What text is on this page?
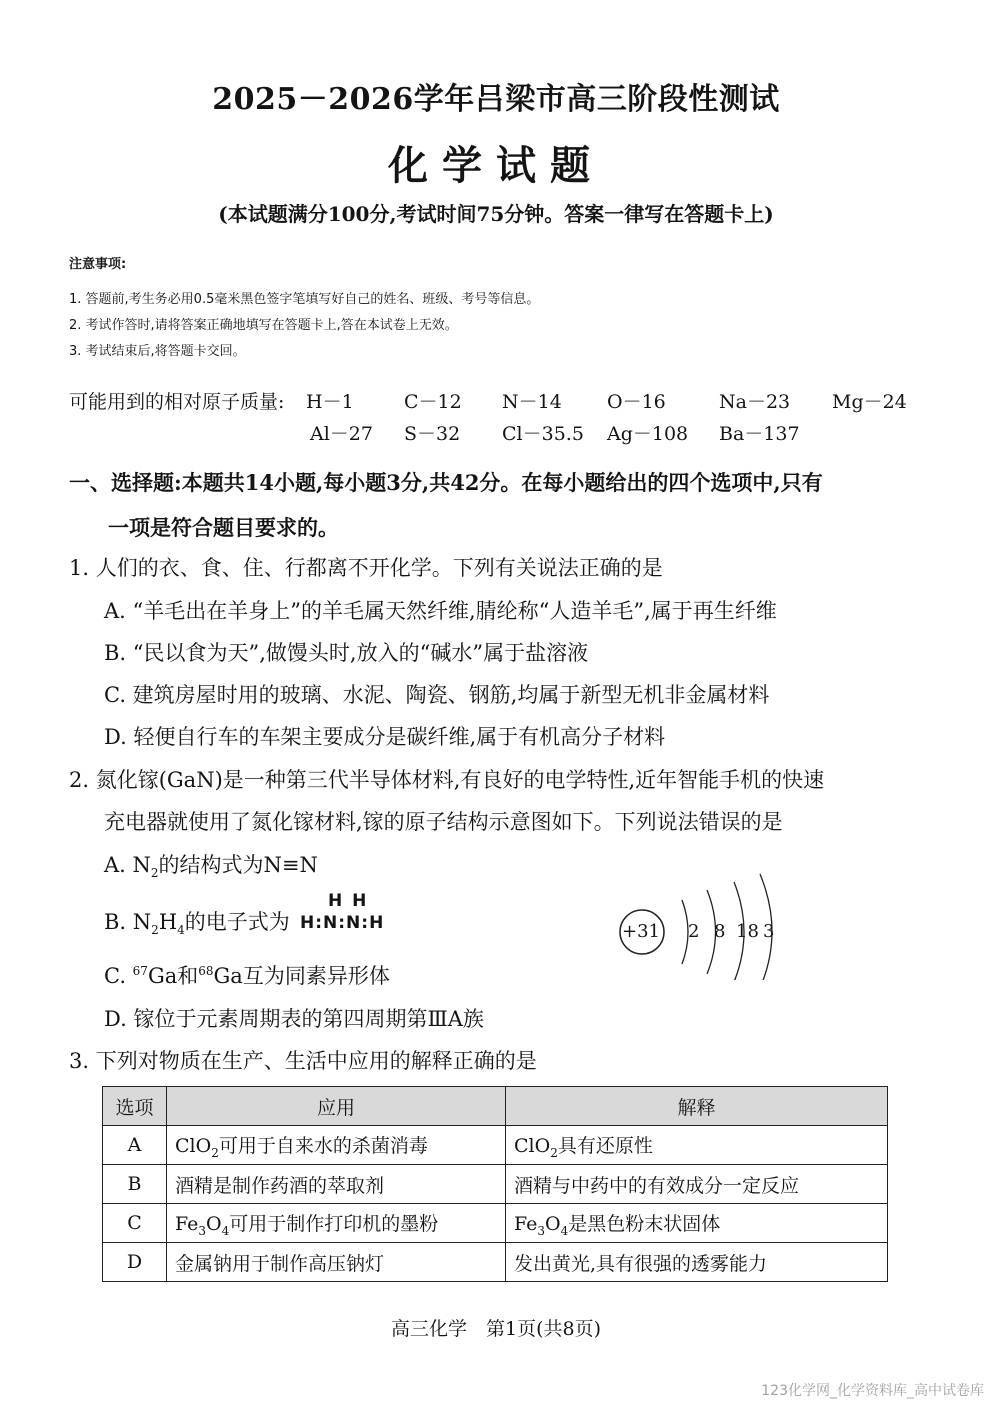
2025－2026学年吕梁市高三阶段性测试
化学试题
(本试题满分100分,考试时间75分钟。答案一律写在答题卡上)
注意事项:
1. 答题前,考生务必用0.5毫米黑色签字笔填写好自己的姓名、班级、考号等信息。
2. 考试作答时,请将答案正确地填写在答题卡上,答在本试卷上无效。
3. 考试结束后,将答题卡交回。
可能用到的相对原子质量: H－1	C－12 N－14 O－16	Na－23 Mg－24
Al－27 S－32 Cl－35.5 Ag－108 Ba－137
一、选择题:本题共14小题,每小题3分,共42分。在每小题给出的四个选项中,只有
一项是符合题目要求的。
1. 人们的衣、食、住、行都离不开化学。下列有关说法正确的是
A. “羊毛出在羊身上”的羊毛属天然纤维,腈纶称“人造羊毛”,属于再生纤维
B. “民以食为天”,做馒头时,放入的“碱水”属于盐溶液
C. 建筑房屋时用的玻璃、水泥、陶瓷、钢筋,均属于新型无机非金属材料
D. 轻便自行车的车架主要成分是碳纤维,属于有机高分子材料
2. 氮化镓(GaN)是一种第三代半导体材料,有良好的电学特性,近年智能手机的快速
充电器就使用了氮化镓材料,镓的原子结构示意图如下。下列说法错误的是
A. $N_2$的结构式为N≡N
B. $N_2H_4$的电子式为
H H
H:N:N:H	+31 2 8 18 3
C. $^{67}$Ga和$^{68}$Ga互为同素异形体
D. 镓位于元素周期表的第四周期第ⅢA族
3. 下列对物质在生产、生活中应用的解释正确的是
选项	应用	解释
A	ClO$_2$可用于自来水的杀菌消毒	ClO$_2$具有还原性
B	酒精是制作药酒的萃取剂	酒精与中药中的有效成分一定反应
C	$Fe_3O_4$可用于制作打印机的墨粉	$Fe_3O_4$是黑色粉末状固体
D	金属钠用于制作高压钠灯	发出黄光,具有很强的透雾能力
高三化学　第1页(共8页)
123化学网_化学资料库_高中试卷库
